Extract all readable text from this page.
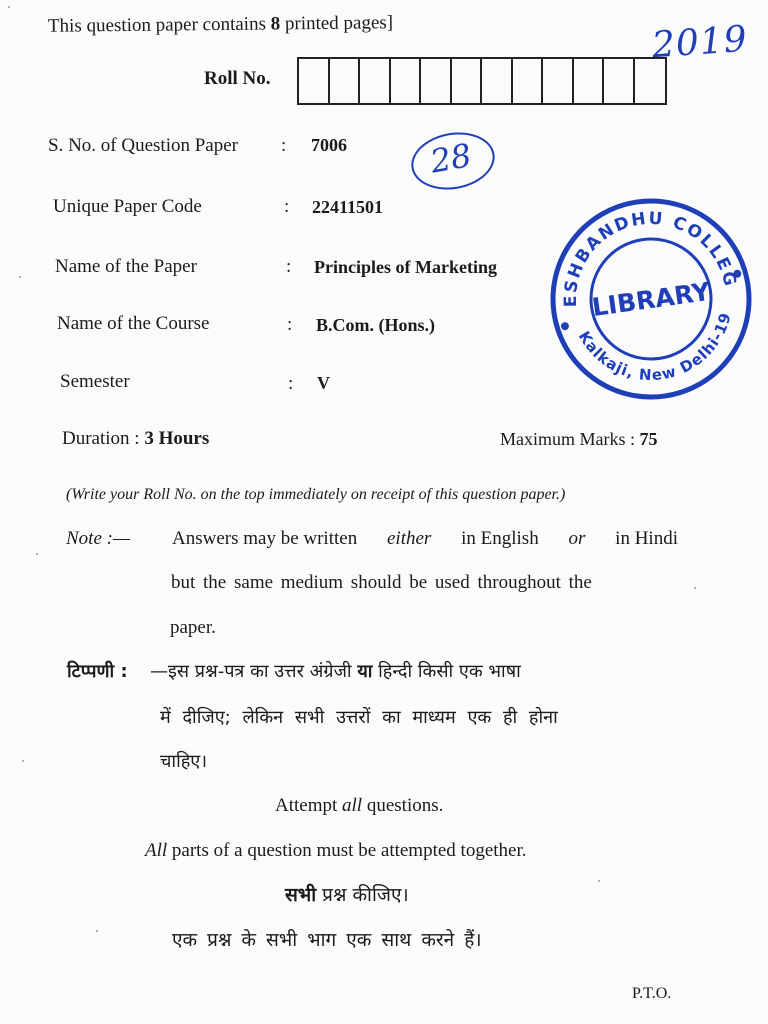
This question paper contains 8 printed pages]	2019
Roll No.
S. No. of Question Paper : 7006
Unique Paper Code	: 22411501
Name of the Paper	: Principles of Marketing
Name of the Course	: B.Com. (Hons.)
Semester	: V
28
DESHBANDHU COLLEGE
Kalkaji, New Delhi-19
LIBRARY
Duration : 3 Hours	Maximum Marks : 75
(Write your Roll No. on the top immediately on receipt of this question paper.)
Note :— Answers may be written either in English or in Hindi
but the same medium should be used throughout the
paper.
टिप्पणी : —इस प्रश्न-पत्र का उत्तर अंग्रेजी या हिन्दी किसी एक भाषा
में दीजिए; लेकिन सभी उत्तरों का माध्यम एक ही होना
चाहिए।
Attempt all questions.
All parts of a question must be attempted together.
सभी प्रश्न कीजिए।
एक प्रश्न के सभी भाग एक साथ करने हैं।
P.T.O.
